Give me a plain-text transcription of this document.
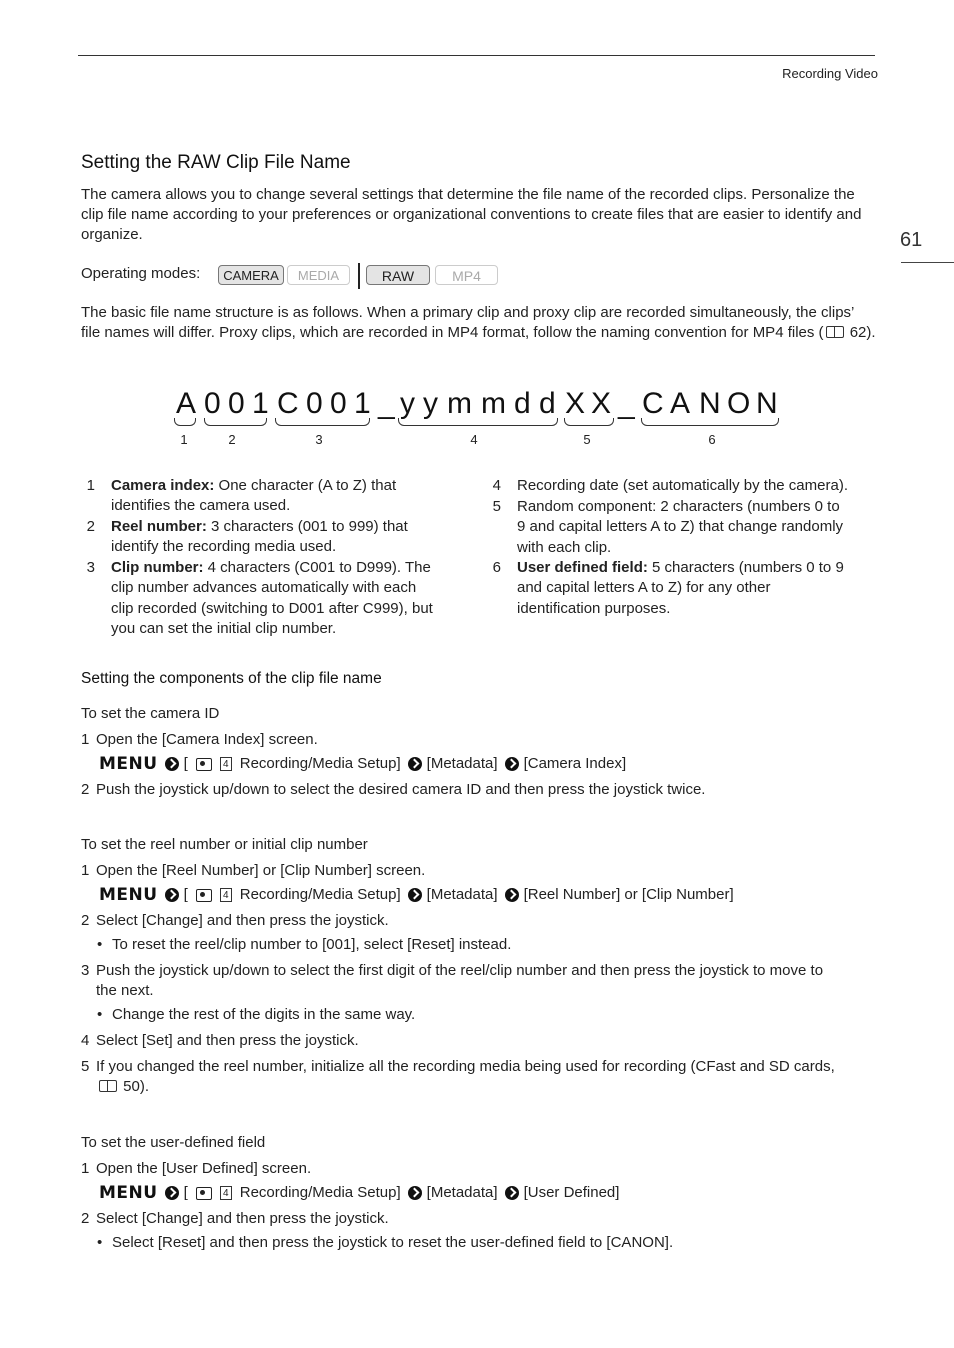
Recording Video
61
Setting the RAW Clip File Name
The camera allows you to change several settings that determine the file name of the recorded clips. Personalize the clip file name according to your preferences or organizational conventions to create files that are easier to identify and organize.
Operating modes:	CAMERA	MEDIA	RAW	MP4
The basic file name structure is as follows. When a primary clip and proxy clip are recorded simultaneously, the clips’ file names will differ. Proxy clips, which are recorded in MP4 format, follow the naming convention for MP4 files ( 62).
A 0 0 1 C 0 0 1 _ y y m m d d X X _ C A N O N
1	2	3	4	5	6
1 Camera index: One character (A to Z) that
identifies the camera used.
2 Reel number: 3 characters (001 to 999) that
identify the recording media used.
3 Clip number: 4 characters (C001 to D999). The
clip number advances automatically with each
clip recorded (switching to D001 after C999), but
you can set the initial clip number.
4 Recording date (set automatically by the camera).
5 Random component: 2 characters (numbers 0 to
9 and capital letters A to Z) that change randomly
with each clip.
6 User defined field: 5 characters (numbers 0 to 9
and capital letters A to Z) for any other
identification purposes.
Setting the components of the clip file name
To set the camera ID
1 Open the [Camera Index] screen.
MENU [	4 Recording/Media Setup] [Metadata] [Camera Index]
2 Push the joystick up/down to select the desired camera ID and then press the joystick twice.
To set the reel number or initial clip number
1 Open the [Reel Number] or [Clip Number] screen.
MENU [	4 Recording/Media Setup] [Metadata] [Reel Number] or [Clip Number]
2 Select [Change] and then press the joystick.
• To reset the reel/clip number to [001], select [Reset] instead.
3 Push the joystick up/down to select the first digit of the reel/clip number and then press the joystick to move to
the next.
• Change the rest of the digits in the same way.
4 Select [Set] and then press the joystick.
5 If you changed the reel number, initialize all the recording media being used for recording (CFast and SD cards,
50).
To set the user-defined field
1 Open the [User Defined] screen.
MENU [	4 Recording/Media Setup] [Metadata] [User Defined]
2 Select [Change] and then press the joystick.
• Select [Reset] and then press the joystick to reset the user-defined field to [CANON].
